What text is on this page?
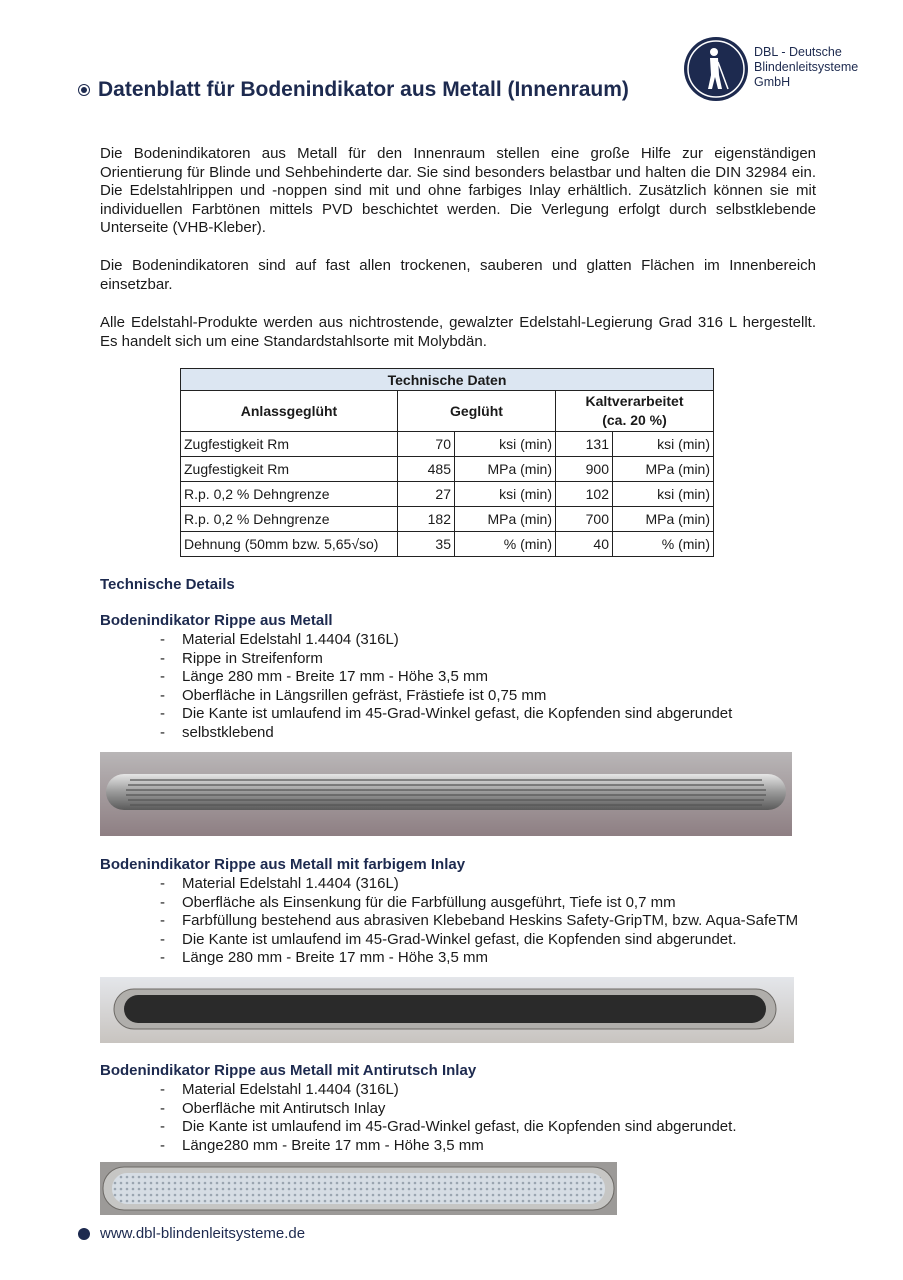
Datenblatt für Bodenindikator aus Metall (Innenraum)
DBL - Deutsche
Blindenleitsysteme
GmbH
Die Bodenindikatoren aus Metall für den Innenraum stellen eine große Hilfe zur eigenständigen Orientierung für Blinde und Sehbehinderte dar. Sie sind besonders belastbar und halten die DIN 32984 ein. Die Edelstahlrippen und -noppen sind mit und ohne farbiges Inlay erhältlich. Zusätzlich können sie mit individuellen Farbtönen mittels PVD beschichtet werden. Die Verlegung erfolgt durch selbstklebende Unterseite (VHB-Kleber).
Die Bodenindikatoren sind auf fast allen trockenen, sauberen und glatten Flächen im Innenbereich einsetzbar.
Alle Edelstahl-Produkte werden aus nichtrostende, gewalzter Edelstahl-Legierung Grad 316 L hergestellt. Es handelt sich um eine Standardstahlsorte mit Molybdän.
Technische Daten				
Anlassgeglüht	Geglüht		Kaltverarbeitet
(ca. 20 %)	

Zugfestigkeit Rm	70	ksi (min)	131	ksi (min)
Zugfestigkeit Rm	485	MPa (min)	900	MPa (min)
R.p. 0,2 % Dehngrenze	27	ksi (min)	102	ksi (min)
R.p. 0,2 % Dehngrenze	182	MPa (min)	700	MPa (min)
Dehnung (50mm bzw. 5,65√so)	35	% (min)	40	% (min)
Technische Details
Bodenindikator Rippe aus Metall
- Material Edelstahl 1.4404 (316L)
- Rippe in Streifenform
- Länge 280 mm - Breite 17 mm - Höhe 3,5 mm
- Oberfläche in Längsrillen gefräst, Frästiefe ist 0,75 mm
- Die Kante ist umlaufend im 45-Grad-Winkel gefast, die Kopfenden sind abgerundet
- selbstklebend
Bodenindikator Rippe aus Metall mit farbigem Inlay
- Material Edelstahl 1.4404 (316L)
- Oberfläche als Einsenkung für die Farbfüllung ausgeführt, Tiefe ist 0,7 mm
- Farbfüllung bestehend aus abrasiven Klebeband Heskins Safety-GripTM, bzw. Aqua-SafeTM
- Die Kante ist umlaufend im 45-Grad-Winkel gefast, die Kopfenden sind abgerundet.
- Länge 280 mm - Breite 17 mm - Höhe 3,5 mm
Bodenindikator Rippe aus Metall mit Antirutsch Inlay
- Material Edelstahl 1.4404 (316L)
- Oberfläche mit Antirutsch Inlay
- Die Kante ist umlaufend im 45-Grad-Winkel gefast, die Kopfenden sind abgerundet.
- Länge280 mm - Breite 17 mm - Höhe 3,5 mm
www.dbl-blindenleitsysteme.de
